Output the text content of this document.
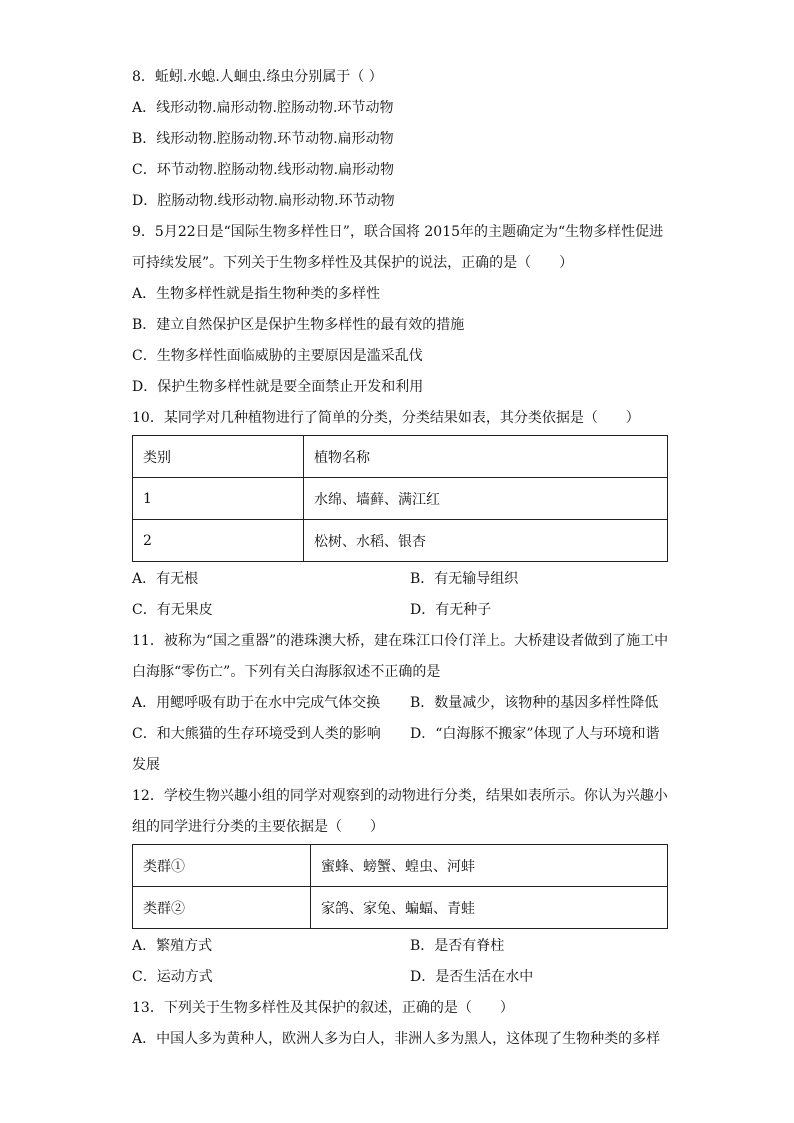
8．蚯蚓.水螅.人蛔虫.绦虫分别属于（ ）
A．线形动物.扁形动物.腔肠动物.环节动物
B．线形动物.腔肠动物.环节动物.扁形动物
C．环节动物.腔肠动物.线形动物.扁形动物
D．腔肠动物.线形动物.扁形动物.环节动物
9．5月22日是“国际生物多样性日”，联合国将 2015年的主题确定为“生物多样性促进
可持续发展”。下列关于生物多样性及其保护的说法，正确的是（　　）
A．生物多样性就是指生物种类的多样性
B．建立自然保护区是保护生物多样性的最有效的措施
C．生物多样性面临威胁的主要原因是滥采乱伐
D．保护生物多样性就是要全面禁止开发和利用
10．某同学对几种植物进行了简单的分类，分类结果如表，其分类依据是（　　）
类别	植物名称
1	水绵、墙藓、满江红
2	松树、水稻、银杏
A．有无根	B．有无输导组织
C．有无果皮	D．有无种子
11．被称为“国之重器”的港珠澳大桥，建在珠江口伶仃洋上。大桥建设者做到了施工中
白海豚“零伤亡”。下列有关白海豚叙述不正确的是
A．用鳃呼吸有助于在水中完成气体交换 B．数量减少，该物种的基因多样性降低
C．和大熊猫的生存环境受到人类的影响 D．“白海豚不搬家”体现了人与环境和谐
发展
12．学校生物兴趣小组的同学对观察到的动物进行分类，结果如表所示。你认为兴趣小
组的同学进行分类的主要依据是（　　）
类群①	蜜蜂、螃蟹、蝗虫、河蚌
类群②	家鸽、家兔、蝙蝠、青蛙
A．繁殖方式	B．是否有脊柱
C．运动方式	D．是否生活在水中
13．下列关于生物多样性及其保护的叙述，正确的是（　　）
A．中国人多为黄种人，欧洲人多为白人，非洲人多为黑人，这体现了生物种类的多样
